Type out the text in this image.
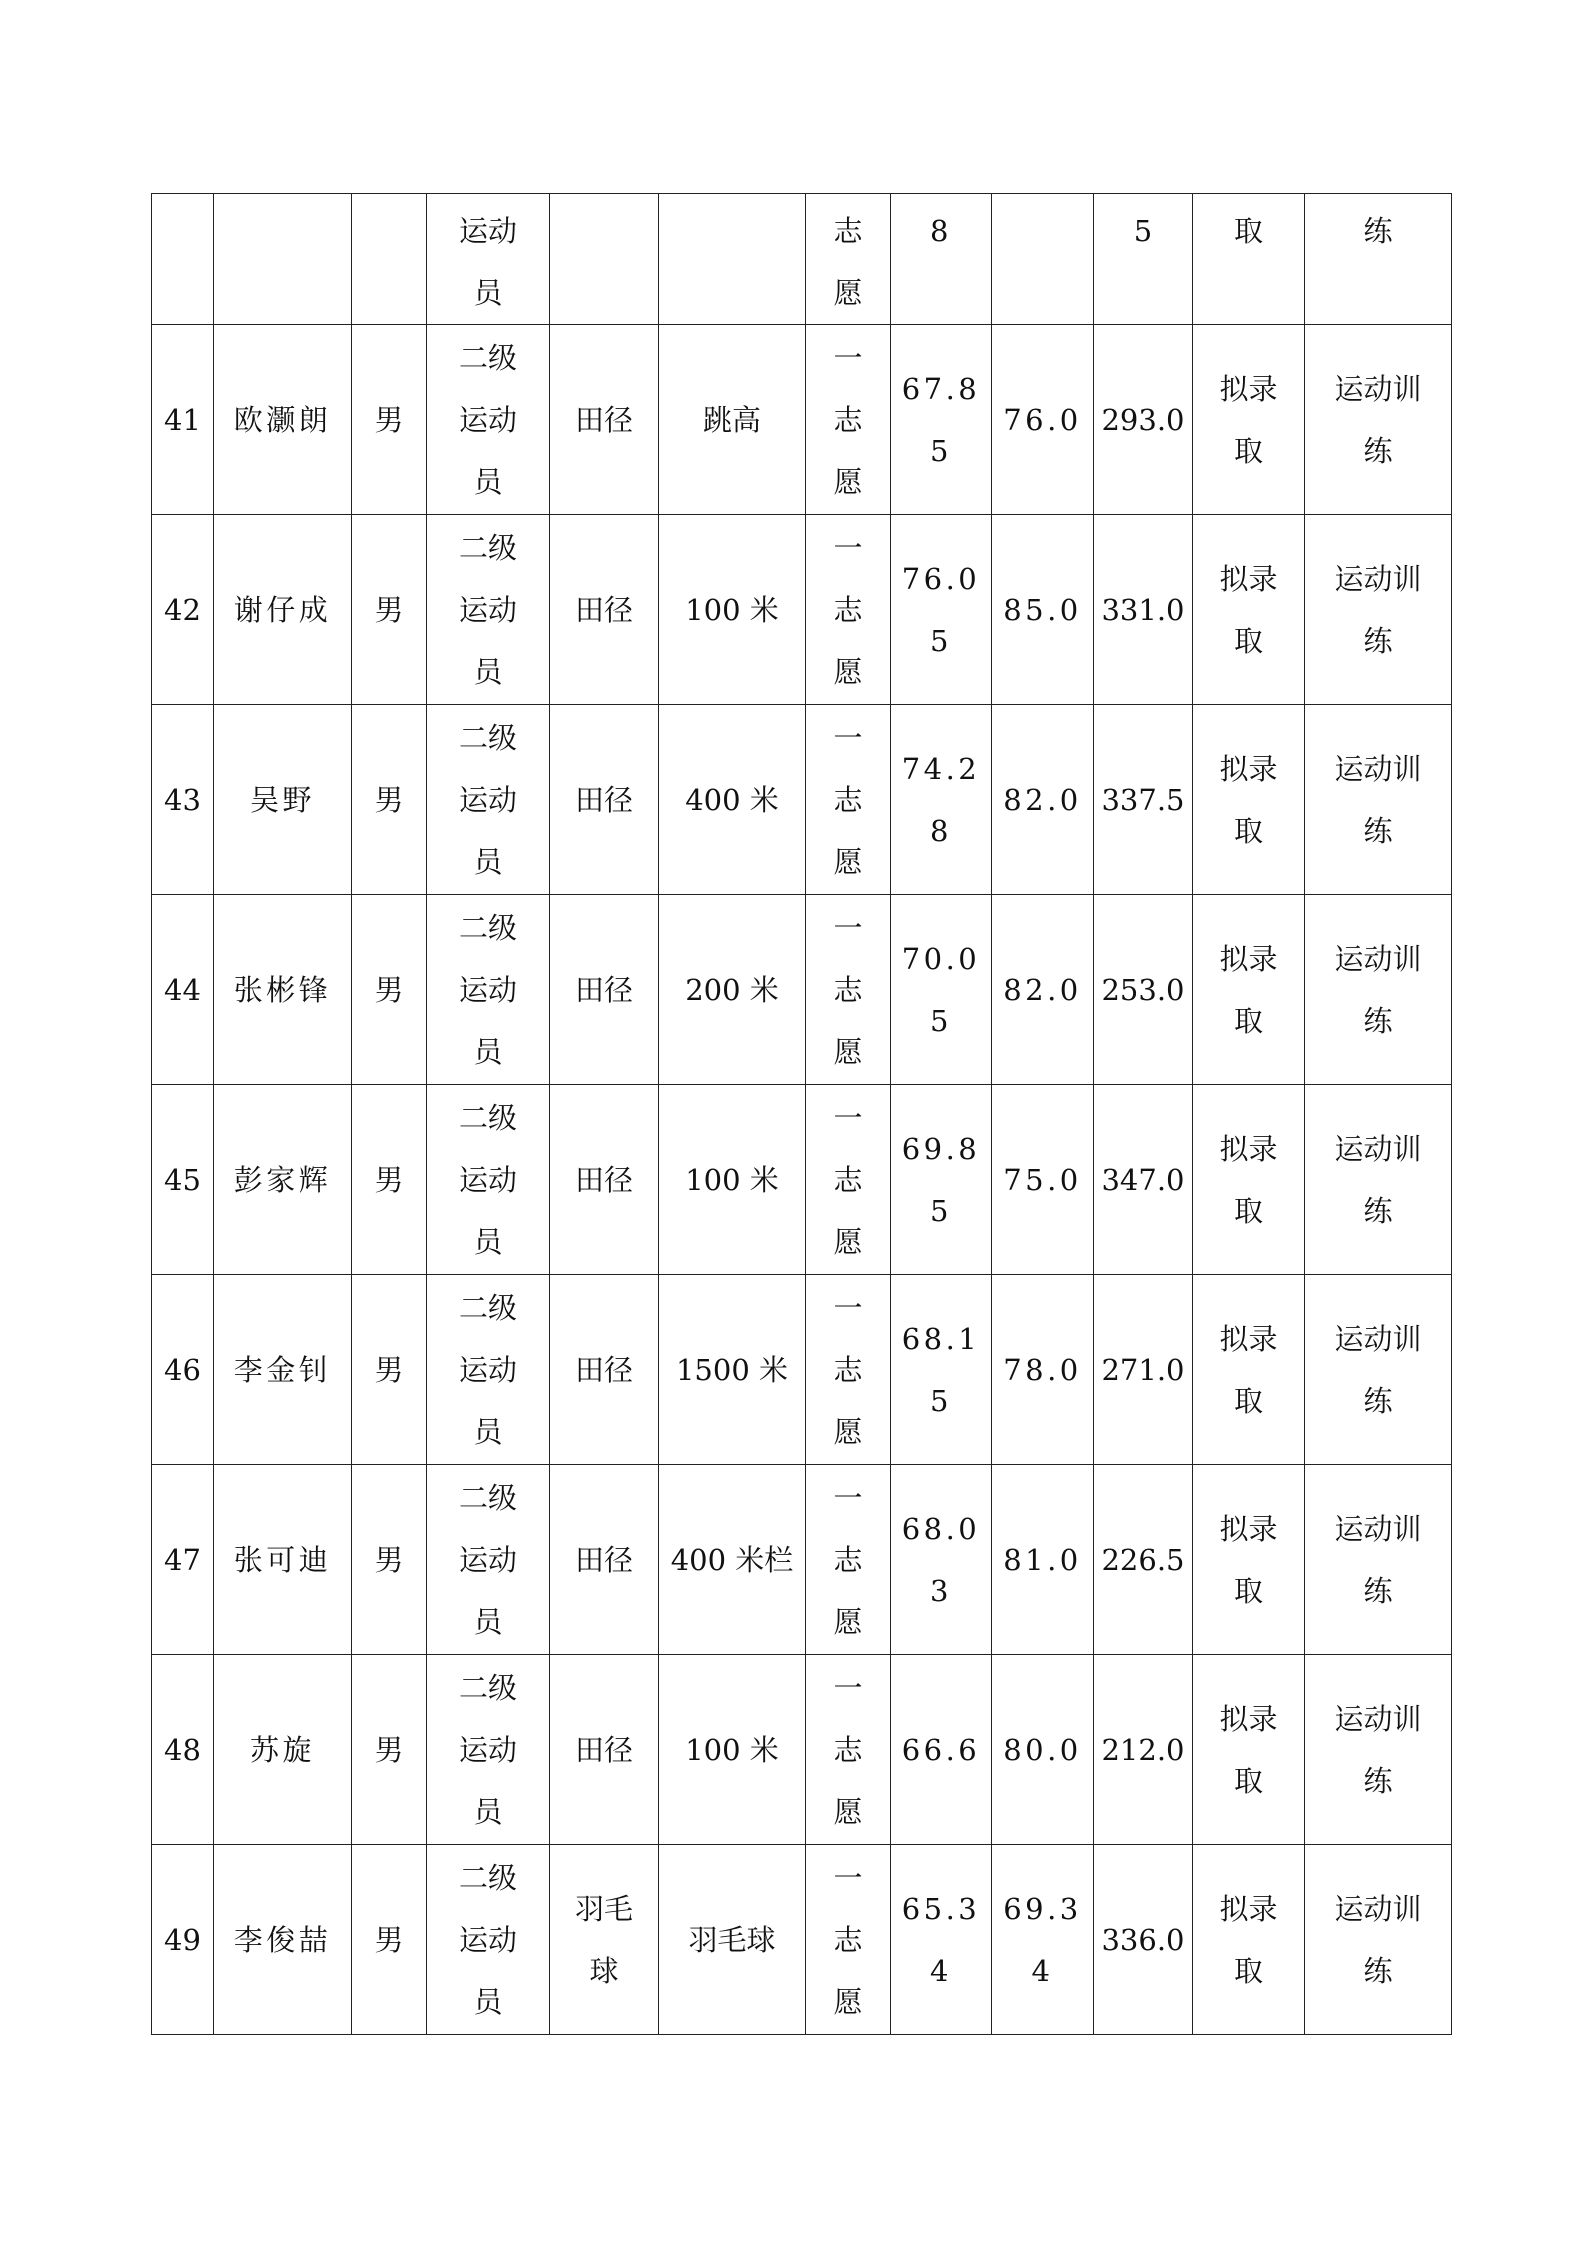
			运动员			志愿	8		5	取	练

41	欧灏朗	男	二级运动员	田径	跳高	一志愿	67.85	76.0	293.0	拟录取	运动训练

42	谢仔成	男	二级运动员	田径	100 米	一志愿	76.05	85.0	331.0	拟录取	运动训练

43	吴野	男	二级运动员	田径	400 米	一志愿	74.28	82.0	337.5	拟录取	运动训练

44	张彬锋	男	二级运动员	田径	200 米	一志愿	70.05	82.0	253.0	拟录取	运动训练

45	彭家辉	男	二级运动员	田径	100 米	一志愿	69.85	75.0	347.0	拟录取	运动训练

46	李金钊	男	二级运动员	田径	1500 米	一志愿	68.15	78.0	271.0	拟录取	运动训练

47	张可迪	男	二级运动员	田径	400 米栏	一志愿	68.03	81.0	226.5	拟录取	运动训练

48	苏旋	男	二级运动员	田径	100 米	一志愿	66.6	80.0	212.0	拟录取	运动训练

49	李俊喆	男	二级运动员	羽毛球	羽毛球	一志愿	65.34	69.34	336.0	拟录取	运动训练
